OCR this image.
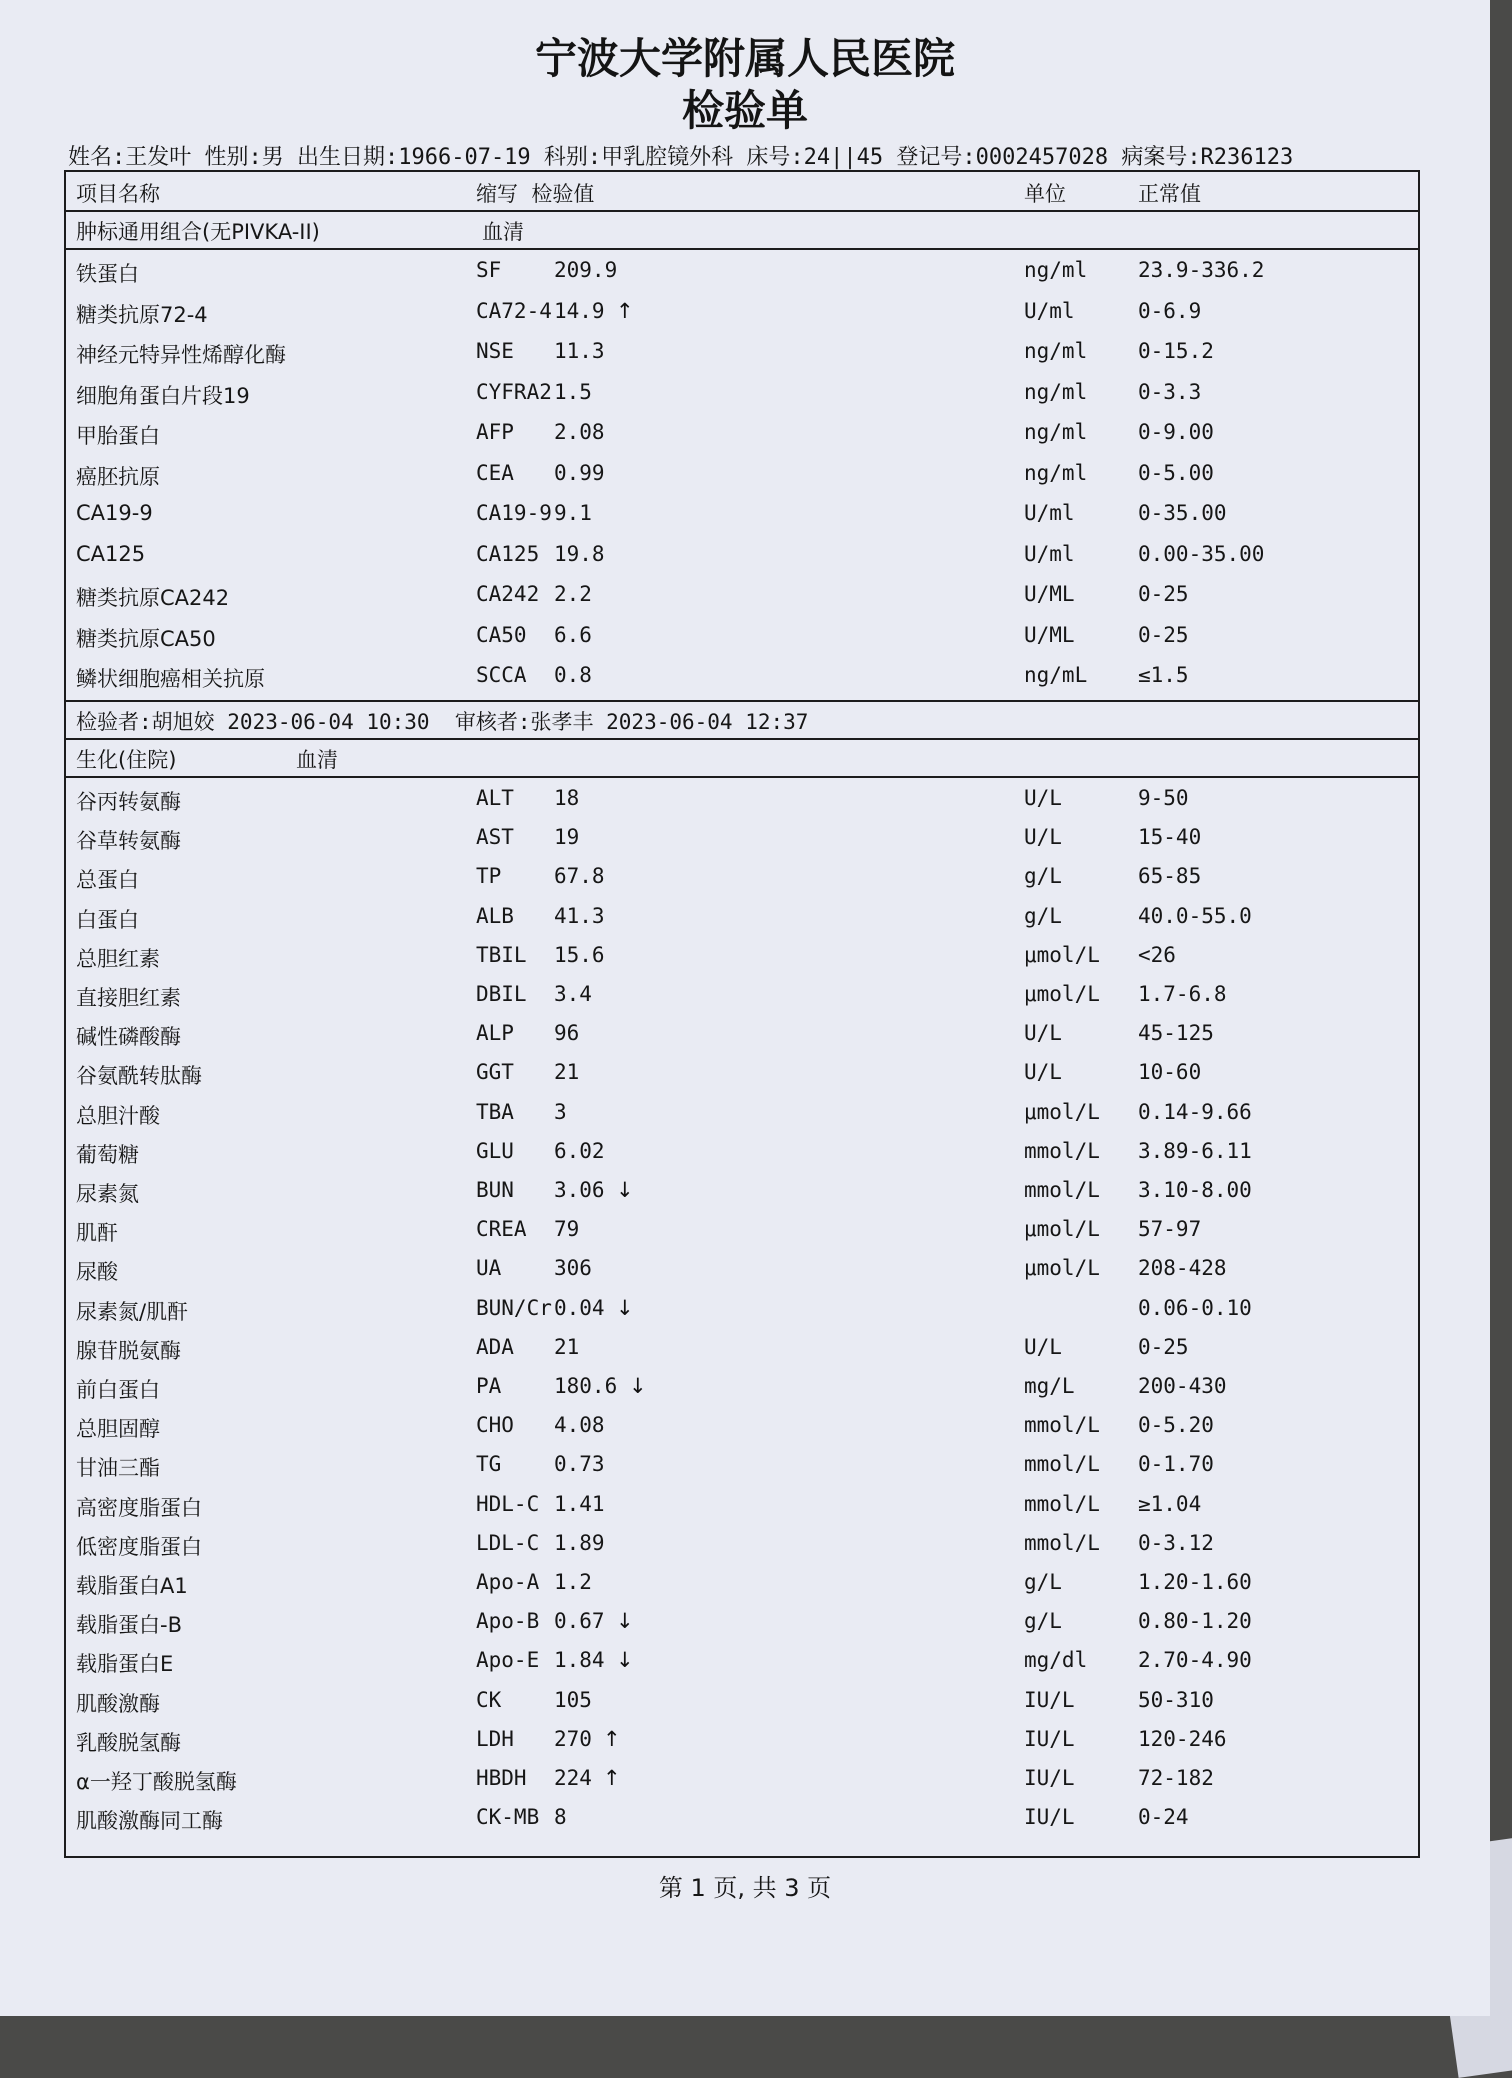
宁波大学附属人民医院
检验单
姓名:王发叶 性别:男 出生日期:1966-07-19 科别:甲乳腔镜外科 床号:24||45 登记号:0002457028 病案号:R236123
项目名称	缩写  检验值	单位	正常值
肿标通用组合(无PIVKA-II)	血清
铁蛋白	SF	209.9	ng/ml 23.9-336.2
糖类抗原72-4	CA72-4 14.9 ↑	U/ml	0-6.9
神经元特异性烯醇化酶	NSE 11.3	ng/ml 0-15.2
细胞角蛋白片段19	CYFRA2 1.5	ng/ml 0-3.3
甲胎蛋白	AFP 2.08	ng/ml 0-9.00
癌胚抗原	CEA 0.99	ng/ml 0-5.00
CA19-9	CA19-9 9.1	U/ml	0-35.00
CA125	CA125 19.8	U/ml	0.00-35.00
糖类抗原CA242	CA242 2.2	U/ML	0-25
糖类抗原CA50	CA50 6.6	U/ML	0-25
鳞状细胞癌相关抗原	SCCA 0.8	ng/mL ≤1.5
检验者:胡旭姣 2023-06-04 10:30  审核者:张孝丰 2023-06-04 12:37
生化(住院)	血清
谷丙转氨酶	ALT 18	U/L	9-50
谷草转氨酶	AST 19	U/L	15-40
总蛋白	TP	67.8	g/L	65-85
白蛋白	ALB 41.3	g/L	40.0-55.0
总胆红素	TBIL 15.6	μmol/L <26
直接胆红素	DBIL 3.4	μmol/L 1.7-6.8
碱性磷酸酶	ALP 96	U/L	45-125
谷氨酰转肽酶	GGT 21	U/L	10-60
总胆汁酸	TBA 3	μmol/L 0.14-9.66
葡萄糖	GLU 6.02	mmol/L 3.89-6.11
尿素氮	BUN 3.06 ↓	mmol/L 3.10-8.00
肌酐	CREA 79	μmol/L 57-97
尿酸	UA	306	μmol/L 208-428
尿素氮/肌酐	BUN/Cr 0.04 ↓	0.06-0.10
腺苷脱氨酶	ADA 21	U/L	0-25
前白蛋白	PA	180.6 ↓	mg/L	200-430
总胆固醇	CHO 4.08	mmol/L 0-5.20
甘油三酯	TG	0.73	mmol/L 0-1.70
高密度脂蛋白	HDL-C 1.41	mmol/L ≥1.04
低密度脂蛋白	LDL-C 1.89	mmol/L 0-3.12
载脂蛋白A1	Apo-A 1.2	g/L	1.20-1.60
载脂蛋白-B	Apo-B 0.67 ↓	g/L	0.80-1.20
载脂蛋白E	Apo-E 1.84 ↓	mg/dl 2.70-4.90
肌酸激酶	CK	105	IU/L	50-310
乳酸脱氢酶	LDH 270 ↑	IU/L	120-246
α一羟丁酸脱氢酶	HBDH 224 ↑	IU/L	72-182
肌酸激酶同工酶	CK-MB 8	IU/L	0-24
第 1 页, 共 3 页
